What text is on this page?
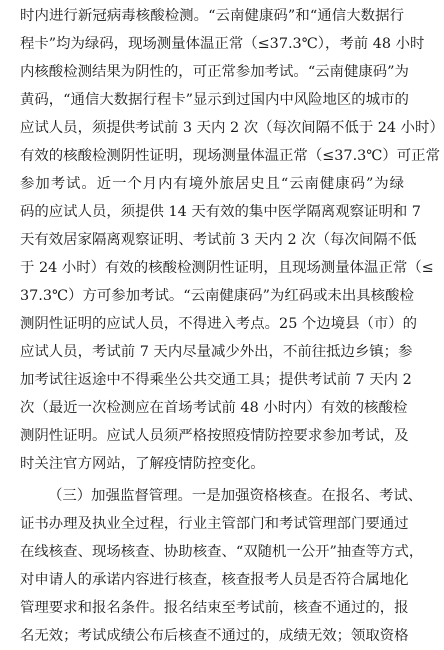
时内进行新冠病毒核酸检测。“云南健康码”和“通信大数据行
程卡”均为绿码，现场测量体温正常（≤37.3℃），考前 48 小时
内核酸检测结果为阴性的，可正常参加考试。“云南健康码”为
黄码，“通信大数据行程卡”显示到过国内中风险地区的城市的
应试人员，须提供考试前 3 天内 2 次（每次间隔不低于 24 小时）
有效的核酸检测阴性证明，现场测量体温正常（≤37.3℃）可正常
参加考试。近一个月内有境外旅居史且“云南健康码”为绿
码的应试人员，须提供 14 天有效的集中医学隔离观察证明和 7
天有效居家隔离观察证明、考试前 3 天内 2 次（每次间隔不低
于 24 小时）有效的核酸检测阴性证明，且现场测量体温正常（≤
37.3℃）方可参加考试。“云南健康码”为红码或未出具核酸检
测阴性证明的应试人员，不得进入考点。25 个边境县（市）的
应试人员，考试前 7 天内尽量减少外出，不前往抵边乡镇；参
加考试往返途中不得乘坐公共交通工具；提供考试前 7 天内 2
次（最近一次检测应在首场考试前 48 小时内）有效的核酸检
测阴性证明。应试人员须严格按照疫情防控要求参加考试，及
时关注官方网站，了解疫情防控变化。
（三）加强监督管理。一是加强资格核查。在报名、考试、
证书办理及执业全过程，行业主管部门和考试管理部门要通过
在线核查、现场核查、协助核查、“双随机一公开”抽查等方式，
对申请人的承诺内容进行核查，核查报考人员是否符合属地化
管理要求和报名条件。报名结束至考试前，核查不通过的，报
名无效；考试成绩公布后核查不通过的，成绩无效；领取资格
